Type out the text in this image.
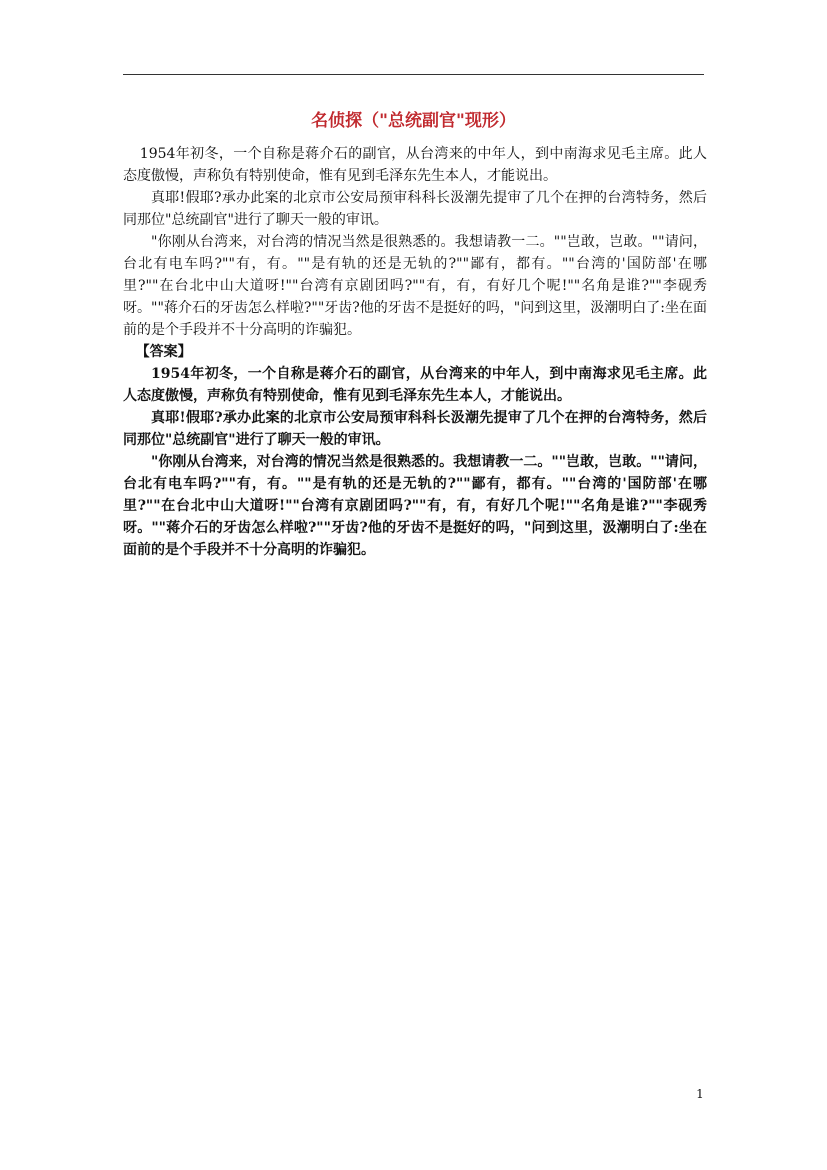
名侦探（"总统副官"现形）

1954年初冬，一个自称是蒋介石的副官，从台湾来的中年人，到中南海求见毛主席。此人态度傲慢，声称负有特别使命，惟有见到毛泽东先生本人，才能说出。

真耶!假耶?承办此案的北京市公安局预审科科长汲潮先提审了几个在押的台湾特务，然后同那位"总统副官"进行了聊天一般的审讯。

"你刚从台湾来，对台湾的情况当然是很熟悉的。我想请教一二。""岂敢，岂敢。""请问，台北有电车吗?""有，有。""是有轨的还是无轨的?""鄙有，都有。""台湾的'国防部'在哪里?""在台北中山大道呀!""台湾有京剧团吗?""有，有，有好几个呢!""名角是谁?""李砚秀呀。""蒋介石的牙齿怎么样啦?""牙齿?他的牙齿不是挺好的吗，"问到这里，汲潮明白了:坐在面前的是个手段并不十分高明的诈骗犯。

【答案】

1954年初冬，一个自称是蒋介石的副官，从台湾来的中年人，到中南海求见毛主席。此人态度傲慢，声称负有特别使命，惟有见到毛泽东先生本人，才能说出。

真耶!假耶?承办此案的北京市公安局预审科科长汲潮先提审了几个在押的台湾特务，然后同那位"总统副官"进行了聊天一般的审讯。

"你刚从台湾来，对台湾的情况当然是很熟悉的。我想请教一二。""岂敢，岂敢。""请问，台北有电车吗?""有，有。""是有轨的还是无轨的?""鄙有，都有。""台湾的'国防部'在哪里?""在台北中山大道呀!""台湾有京剧团吗?""有，有，有好几个呢!""名角是谁?""李砚秀呀。""蒋介石的牙齿怎么样啦?""牙齿?他的牙齿不是挺好的吗，"问到这里，汲潮明白了:坐在面前的是个手段并不十分高明的诈骗犯。

1
